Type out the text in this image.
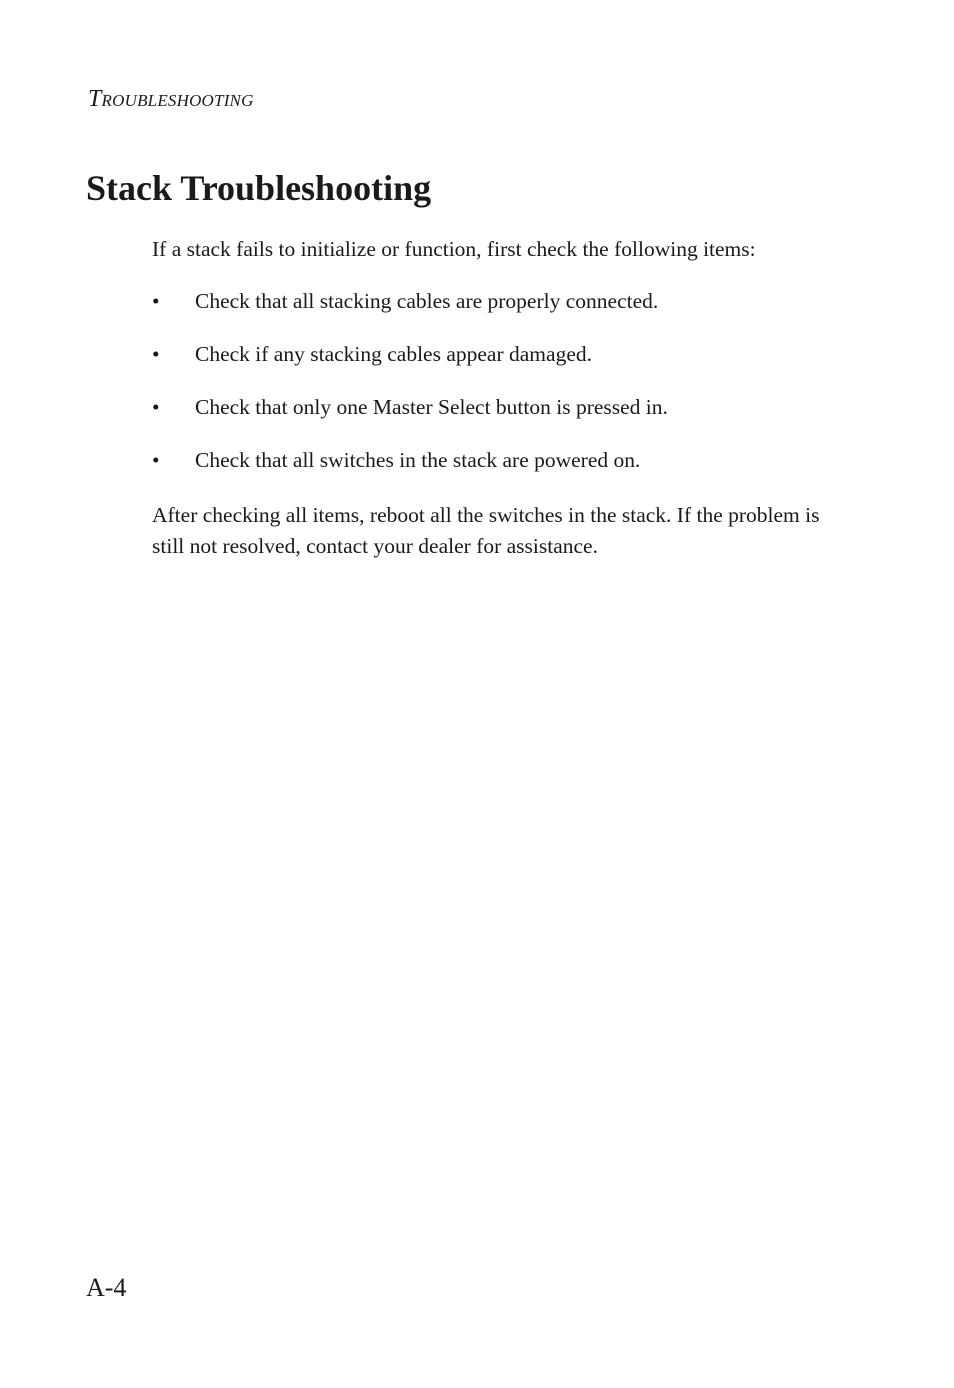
Troubleshooting
Stack Troubleshooting

If a stack fails to initialize or function, first check the following items:

• Check that all stacking cables are properly connected.
• Check if any stacking cables appear damaged.
• Check that only one Master Select button is pressed in.
• Check that all switches in the stack are powered on.

After checking all items, reboot all the switches in the stack. If the problem is still not resolved, contact your dealer for assistance.

A-4
